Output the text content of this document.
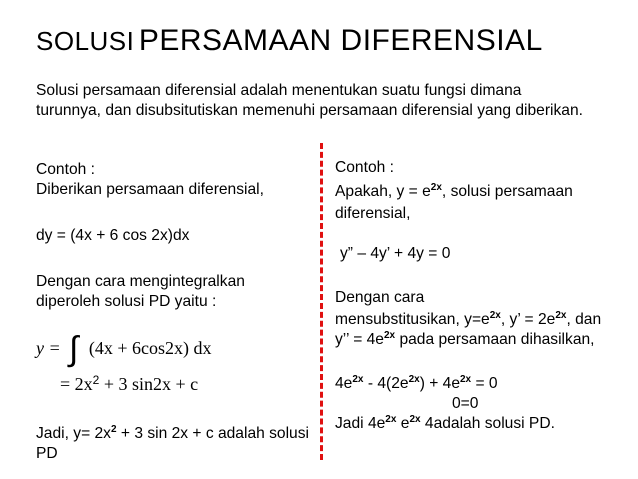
SOLUSI PERSAMAAN DIFERENSIAL
Solusi persamaan diferensial adalah menentukan suatu fungsi dimana
turunnya, dan disubsitutiskan memenuhi persamaan diferensial yang diberikan.
Contoh :
Diberikan persamaan diferensial,
dy = (4x + 6 cos 2x)dx
Dengan cara mengintegralkan
diperoleh solusi PD yaitu :
y = ∫ (4x + 6cos2x) dx
= $2x^2 + 3$ sin2x + c
Jadi, $y= 2x^2 + 3$ sin 2x + c adalah solusi
PD
Contoh :
Apakah, $y = e^{2x}$, solusi persamaan
diferensial,
y” – 4y’ + 4y = 0
Dengan cara
mensubstitusikan, $y=e^{2x}$, y’ = $2e^{2x}$, dan
y’’ = $4e^{2x}$ pada persamaan dihasilkan,
$4e^{2x} - 4(2e^{2x}) + 4e^{2x} = 0$
0=0
Jadi $4e^{2x}$ $e^{2x}$ 4adalah solusi PD.
